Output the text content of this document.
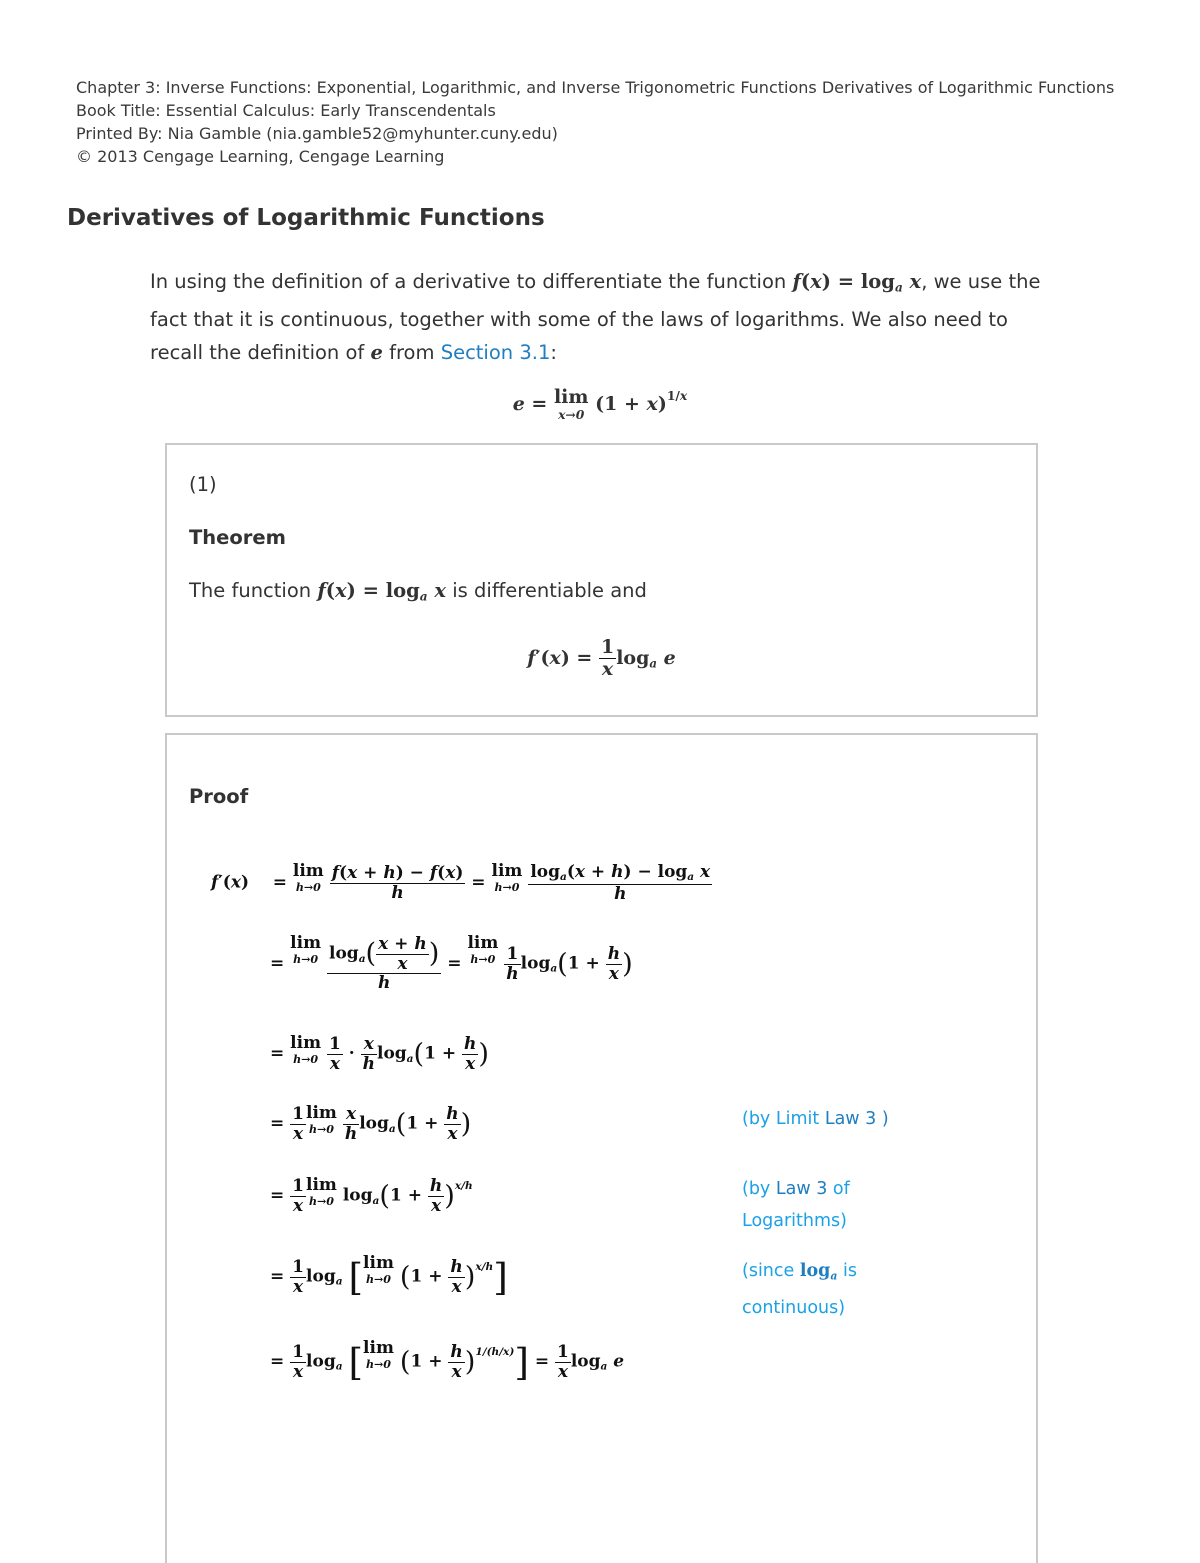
Chapter 3: Inverse Functions: Exponential, Logarithmic, and Inverse Trigonometric Functions Derivatives of Logarithmic Functions
Book Title: Essential Calculus: Early Transcendentals
Printed By: Nia Gamble (nia.gamble52@myhunter.cuny.edu)
© 2013 Cengage Learning, Cengage Learning
Derivatives of Logarithmic Functions
In using the definition of a derivative to differentiate the function $f(x) = \log_a x$, we use the fact that it is continuous, together with some of the laws of logarithms. We also need to recall the definition of e from Section 3.1:
e = lim
x→0 $(1 + x)^{1/x}$
(1)
Theorem
The function $f(x) = \log_a x$ is differentiable and
$f'(x) = \frac{1}{x} \log_a e$
Proof
f′(x)    = lim
h→0
$\frac{f(x + h) - f(x)}{h} = \lim$
h→0
$\frac{\log_a(x + h) - \log_a x}{h}$
= lim
h→0
$\frac{\log_a( \frac{x + h}{x} )}{h} = \lim$
h→0
$\frac{1}{h} \log_a(1 + \frac{h}{x}$ )
= lim
h→0
$\frac{1}{x} \cdot \frac{x}{h} \log_a(1 + \frac{h}{x}$ )
= $\frac{1}{x}$ lim
h→0
$\frac{x}{h} \log_a(1 + \frac{h}{x}$ )	(by Limit Law 3 )
= $\frac{1}{x}$ lim
h→0 $\log_a(1 + \frac{h}{x} )^{x/h}$	(by Law 3 of Logarithms)
= $\frac{1}{x} \log_a [\lim$
h→0 $(1 + \frac{h}{x} )^{x/h}$]	(since $\log_a$ is continuous)
= $\frac{1}{x} \log_a [\lim$
h→0 $(1 + \frac{h}{x} )^{1/(h/x)}] = \frac{1}{x} \log_a e$
